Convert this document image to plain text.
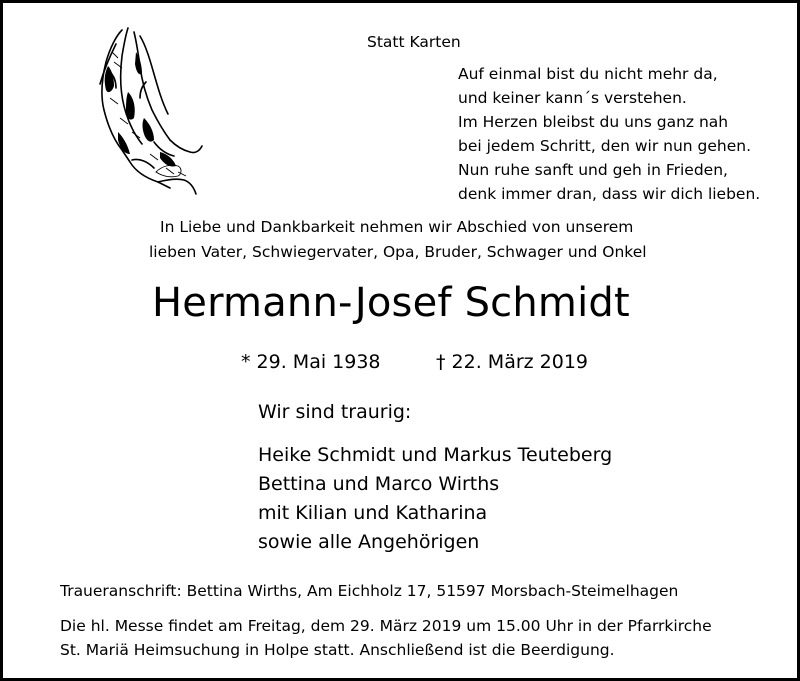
Statt Karten
Auf einmal bist du nicht mehr da,
und keiner kann´s verstehen.
Im Herzen bleibst du uns ganz nah
bei jedem Schritt, den wir nun gehen.
Nun ruhe sanft und geh in Frieden,
denk immer dran, dass wir dich lieben.
In Liebe und Dankbarkeit nehmen wir Abschied von unserem
lieben Vater, Schwiegervater, Opa, Bruder, Schwager und Onkel
Hermann-Josef Schmidt
* 29. Mai 1938	† 22. März 2019
Wir sind traurig:
Heike Schmidt und Markus Teuteberg
Bettina und Marco Wirths
mit Kilian und Katharina
sowie alle Angehörigen
Traueranschrift: Bettina Wirths, Am Eichholz 17, 51597 Morsbach-Steimelhagen
Die hl. Messe findet am Freitag, dem 29. März 2019 um 15.00 Uhr in der Pfarrkirche
St. Mariä Heimsuchung in Holpe statt. Anschließend ist die Beerdigung.
